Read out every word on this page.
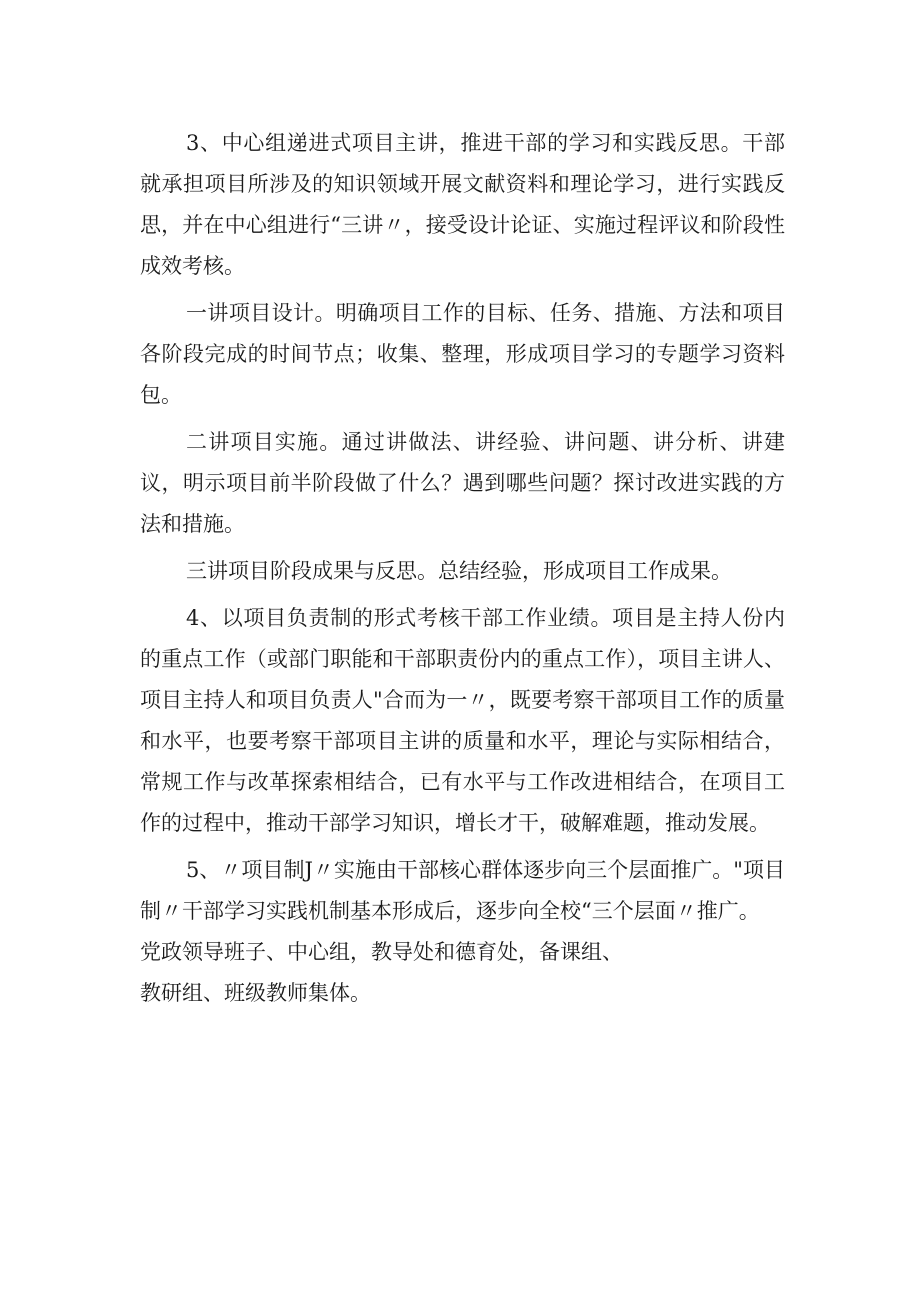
3、中心组递进式项目主讲，推进干部的学习和实践反思。干部就承担项目所涉及的知识领域开展文献资料和理论学习，进行实践反思，并在中心组进行“三讲〃，接受设计论证、实施过程评议和阶段性成效考核。

一讲项目设计。明确项目工作的目标、任务、措施、方法和项目各阶段完成的时间节点；收集、整理，形成项目学习的专题学习资料包。

二讲项目实施。通过讲做法、讲经验、讲问题、讲分析、讲建议，明示项目前半阶段做了什么？遇到哪些问题？探讨改进实践的方法和措施。

三讲项目阶段成果与反思。总结经验，形成项目工作成果。

4、以项目负责制的形式考核干部工作业绩。项目是主持人份内的重点工作（或部门职能和干部职责份内的重点工作），项目主讲人、项目主持人和项目负责人"合而为一〃，既要考察干部项目工作的质量和水平，也要考察干部项目主讲的质量和水平，理论与实际相结合，常规工作与改革探索相结合，已有水平与工作改进相结合，在项目工作的过程中，推动干部学习知识，增长才干，破解难题，推动发展。

5、〃项目制J〃实施由干部核心群体逐步向三个层面推广。"项目制〃干部学习实践机制基本形成后，逐步向全校“三个层面〃推广。

党政领导班子、中心组，教导处和德育处，备课组、

教研组、班级教师集体。
